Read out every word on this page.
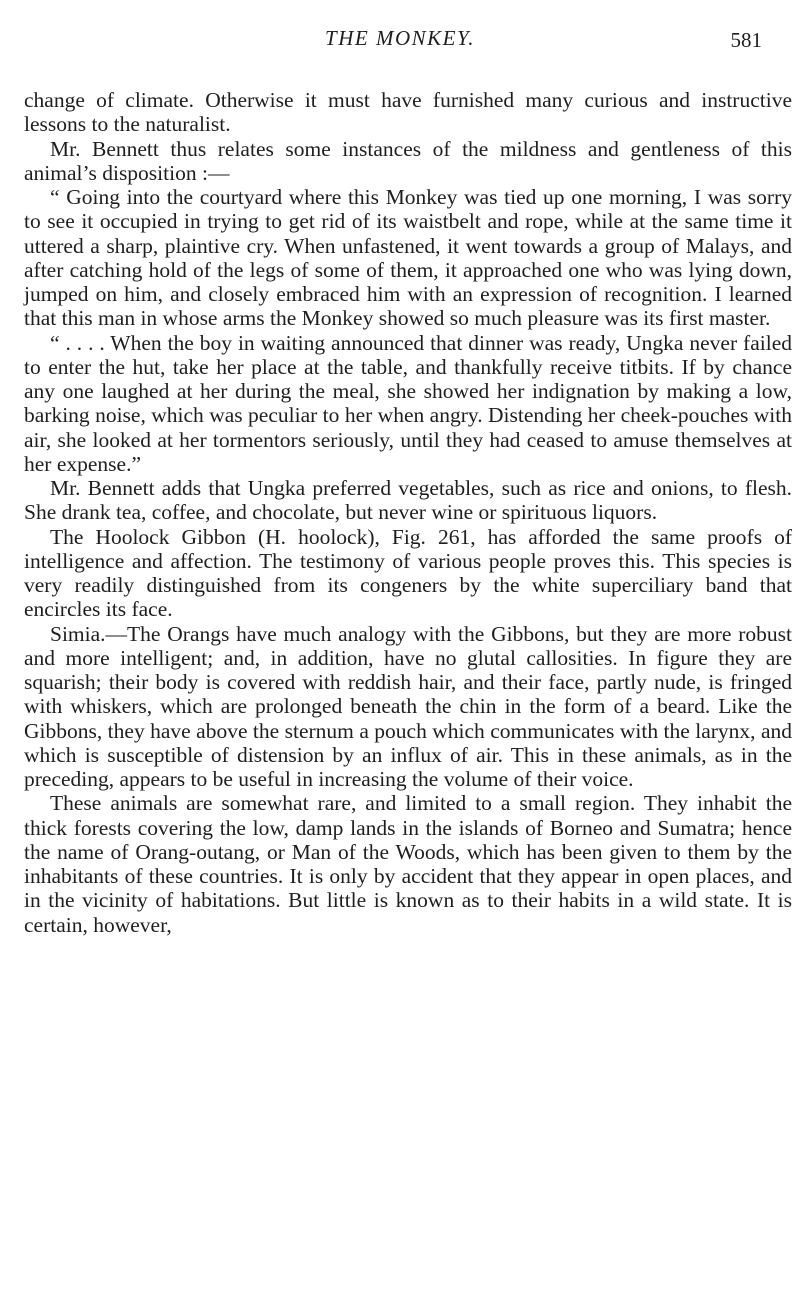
THE MONKEY.	581

change of climate. Otherwise it must have furnished many curious and instructive lessons to the naturalist.

Mr. Bennett thus relates some instances of the mildness and gentleness of this animal’s disposition :—

“ Going into the courtyard where this Monkey was tied up one morning, I was sorry to see it occupied in trying to get rid of its waistbelt and rope, while at the same time it uttered a sharp, plaintive cry. When unfastened, it went towards a group of Malays, and after catching hold of the legs of some of them, it approached one who was lying down, jumped on him, and closely embraced him with an expression of recognition. I learned that this man in whose arms the Monkey showed so much pleasure was its first master.

“ . . . . When the boy in waiting announced that dinner was ready, Ungka never failed to enter the hut, take her place at the table, and thankfully receive titbits. If by chance any one laughed at her during the meal, she showed her indignation by making a low, barking noise, which was peculiar to her when angry. Distending her cheek-pouches with air, she looked at her tormentors seriously, until they had ceased to amuse themselves at her expense.”

Mr. Bennett adds that Ungka preferred vegetables, such as rice and onions, to flesh. She drank tea, coffee, and chocolate, but never wine or spirituous liquors.

The Hoolock Gibbon (H. hoolock), Fig. 261, has afforded the same proofs of intelligence and affection. The testimony of various people proves this. This species is very readily distinguished from its congeners by the white superciliary band that encircles its face.

Simia.—The Orangs have much analogy with the Gibbons, but they are more robust and more intelligent; and, in addition, have no glutal callosities. In figure they are squarish; their body is covered with reddish hair, and their face, partly nude, is fringed with whiskers, which are prolonged beneath the chin in the form of a beard. Like the Gibbons, they have above the sternum a pouch which communicates with the larynx, and which is susceptible of distension by an influx of air. This in these animals, as in the preceding, appears to be useful in increasing the volume of their voice.

These animals are somewhat rare, and limited to a small region. They inhabit the thick forests covering the low, damp lands in the islands of Borneo and Sumatra; hence the name of Orang-outang, or Man of the Woods, which has been given to them by the inhabitants of these countries. It is only by accident that they appear in open places, and in the vicinity of habitations. But little is known as to their habits in a wild state. It is certain, however,
